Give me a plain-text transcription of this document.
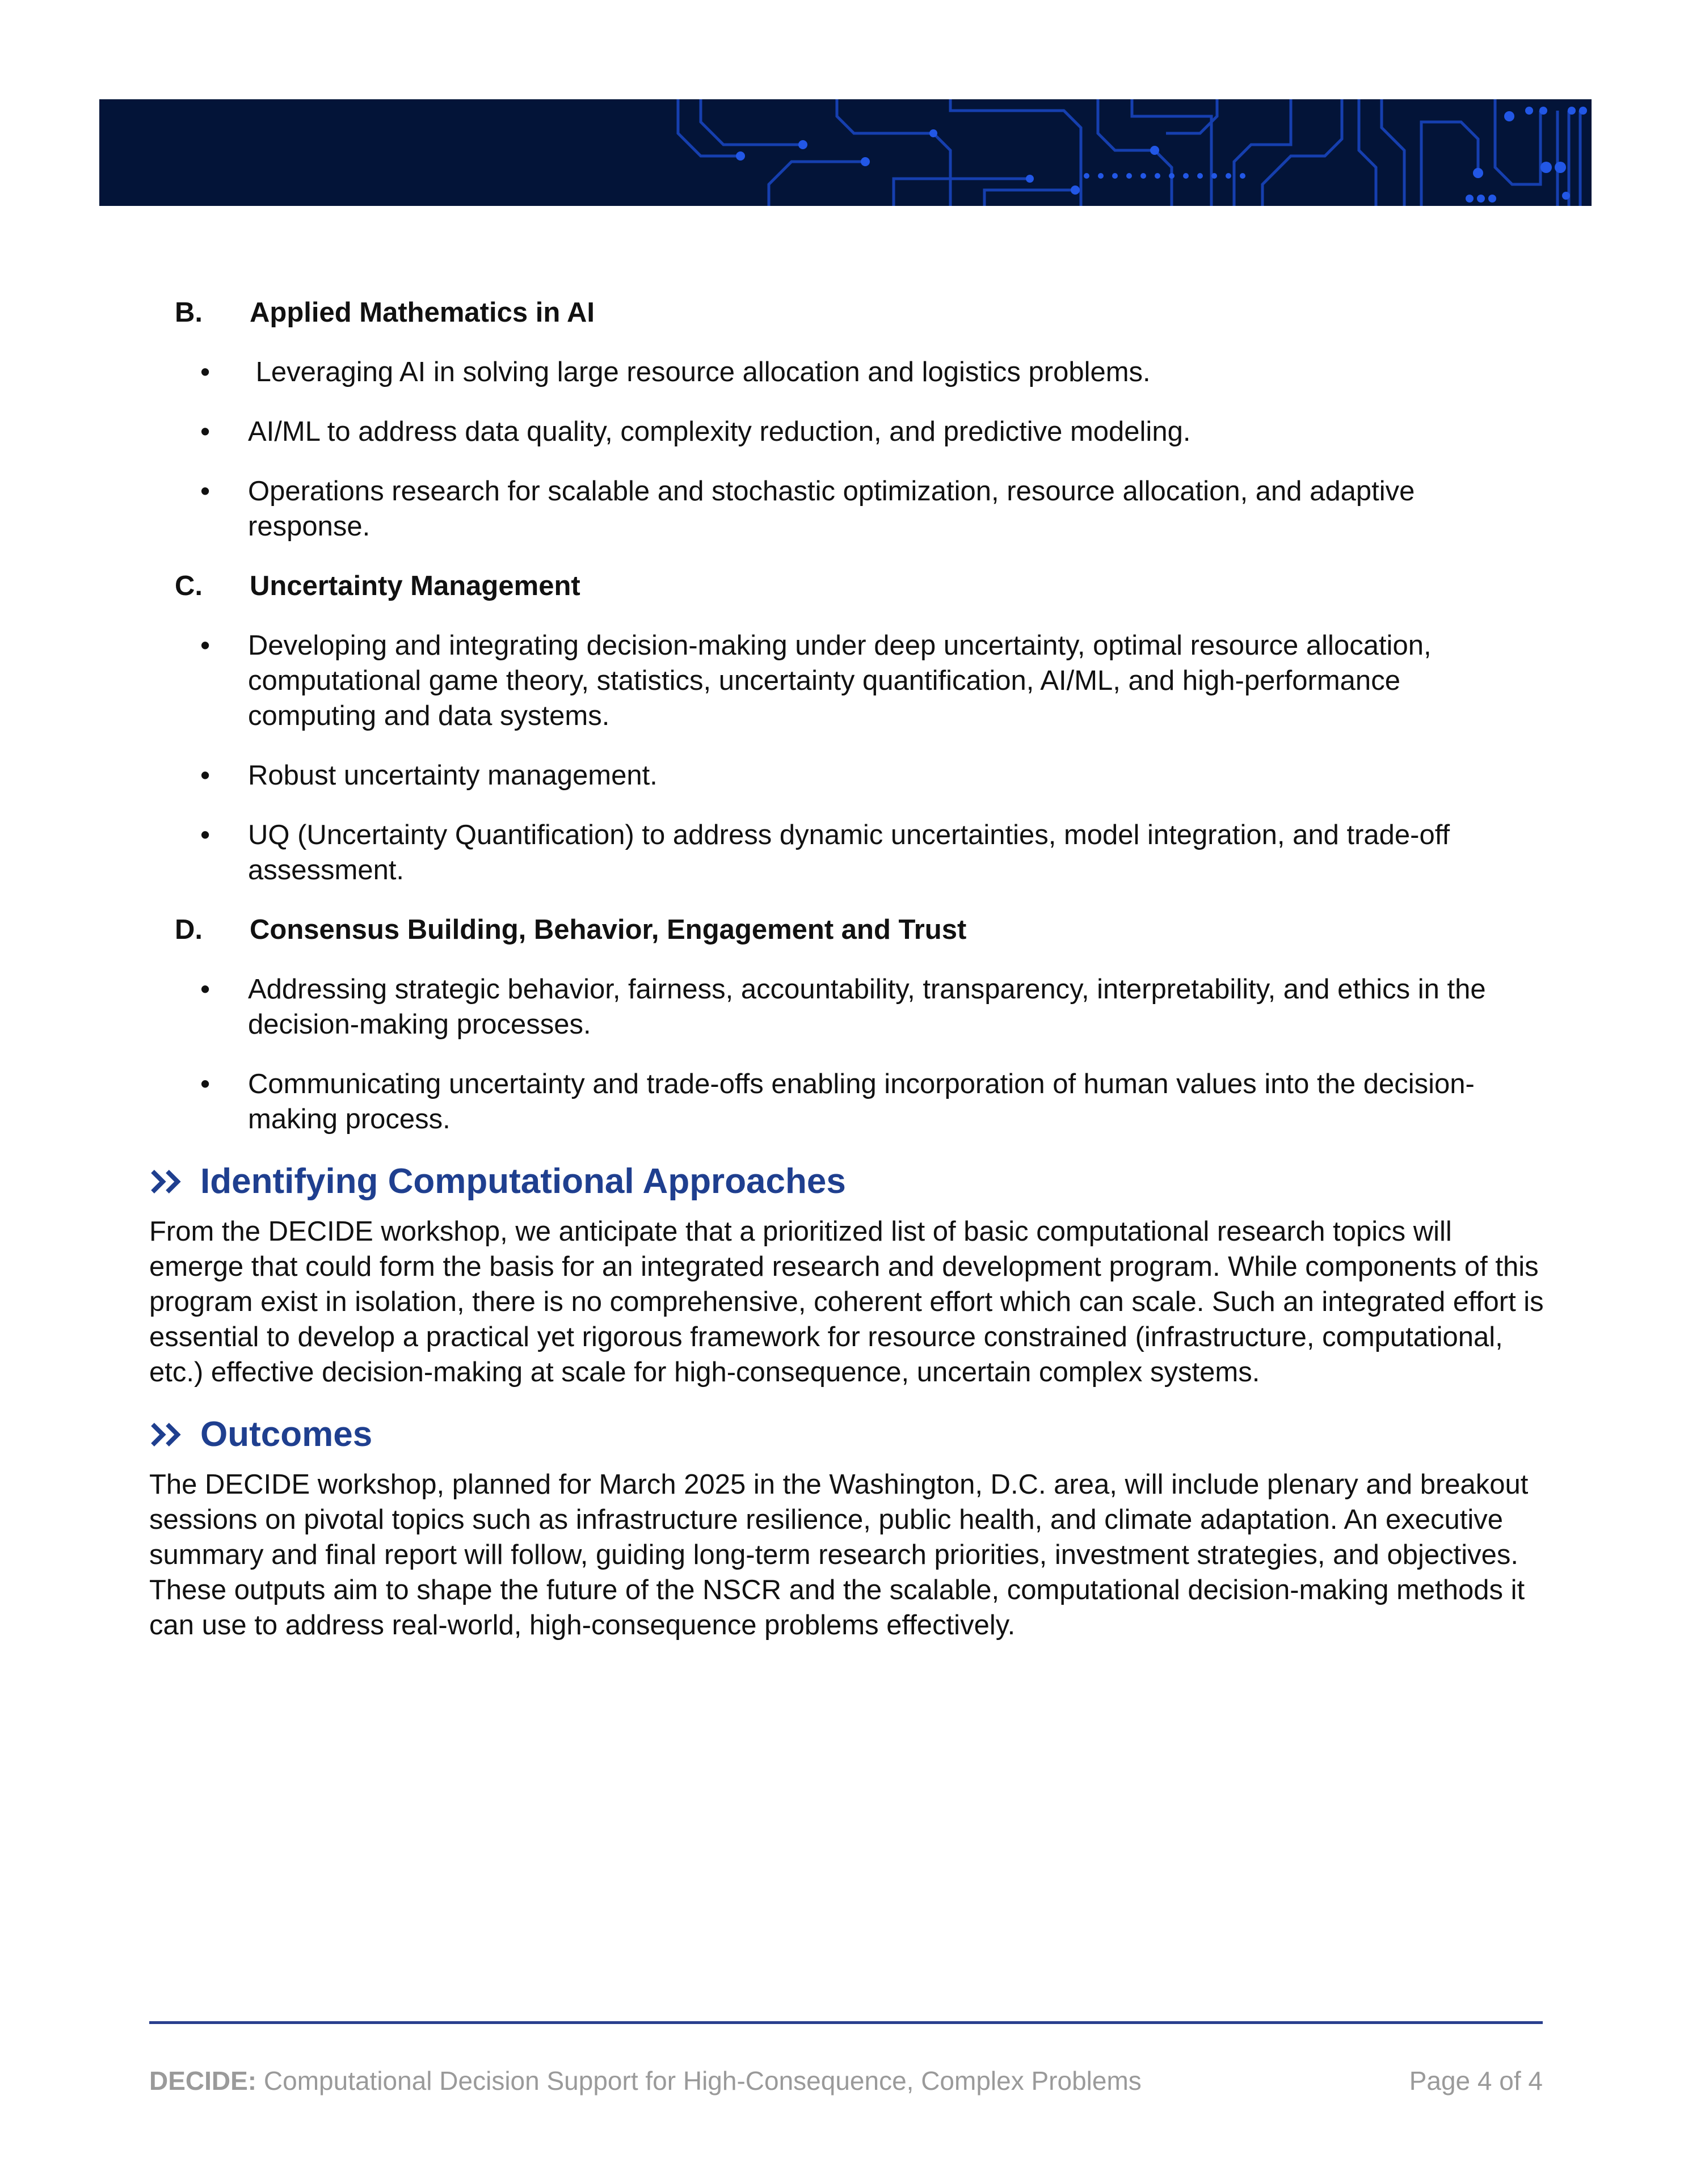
B. Applied Mathematics in AI
• Leveraging AI in solving large resource allocation and logistics problems.
• AI/ML to address data quality, complexity reduction, and predictive modeling.
• Operations research for scalable and stochastic optimization, resource allocation, and adaptive response.
C. Uncertainty Management
• Developing and integrating decision-making under deep uncertainty, optimal resource allocation, computational game theory, statistics, uncertainty quantification, AI/ML, and high-performance computing and data systems.
• Robust uncertainty management.
• UQ (Uncertainty Quantification) to address dynamic uncertainties, model integration, and trade-off assessment.
D. Consensus Building, Behavior, Engagement and Trust
• Addressing strategic behavior, fairness, accountability, transparency, interpretability, and ethics in the decision-making processes.
• Communicating uncertainty and trade-offs enabling incorporation of human values into the decision-making process.
Identifying Computational Approaches

From the DECIDE workshop, we anticipate that a prioritized list of basic computational research topics will emerge that could form the basis for an integrated research and development program. While components of this program exist in isolation, there is no comprehensive, coherent effort which can scale. Such an integrated effort is essential to develop a practical yet rigorous framework for resource constrained (infrastructure, computational, etc.) effective decision-making at scale for high-consequence, uncertain complex systems.

Outcomes

The DECIDE workshop, planned for March 2025 in the Washington, D.C. area, will include plenary and breakout sessions on pivotal topics such as infrastructure resilience, public health, and climate adaptation. An executive summary and final report will follow, guiding long-term research priorities, investment strategies, and objectives. These outputs aim to shape the future of the NSCR and the scalable, computational decision-making methods it can use to address real-world, high-consequence problems effectively.

DECIDE: Computational Decision Support for High-Consequence, Complex Problems	Page 4 of 4
